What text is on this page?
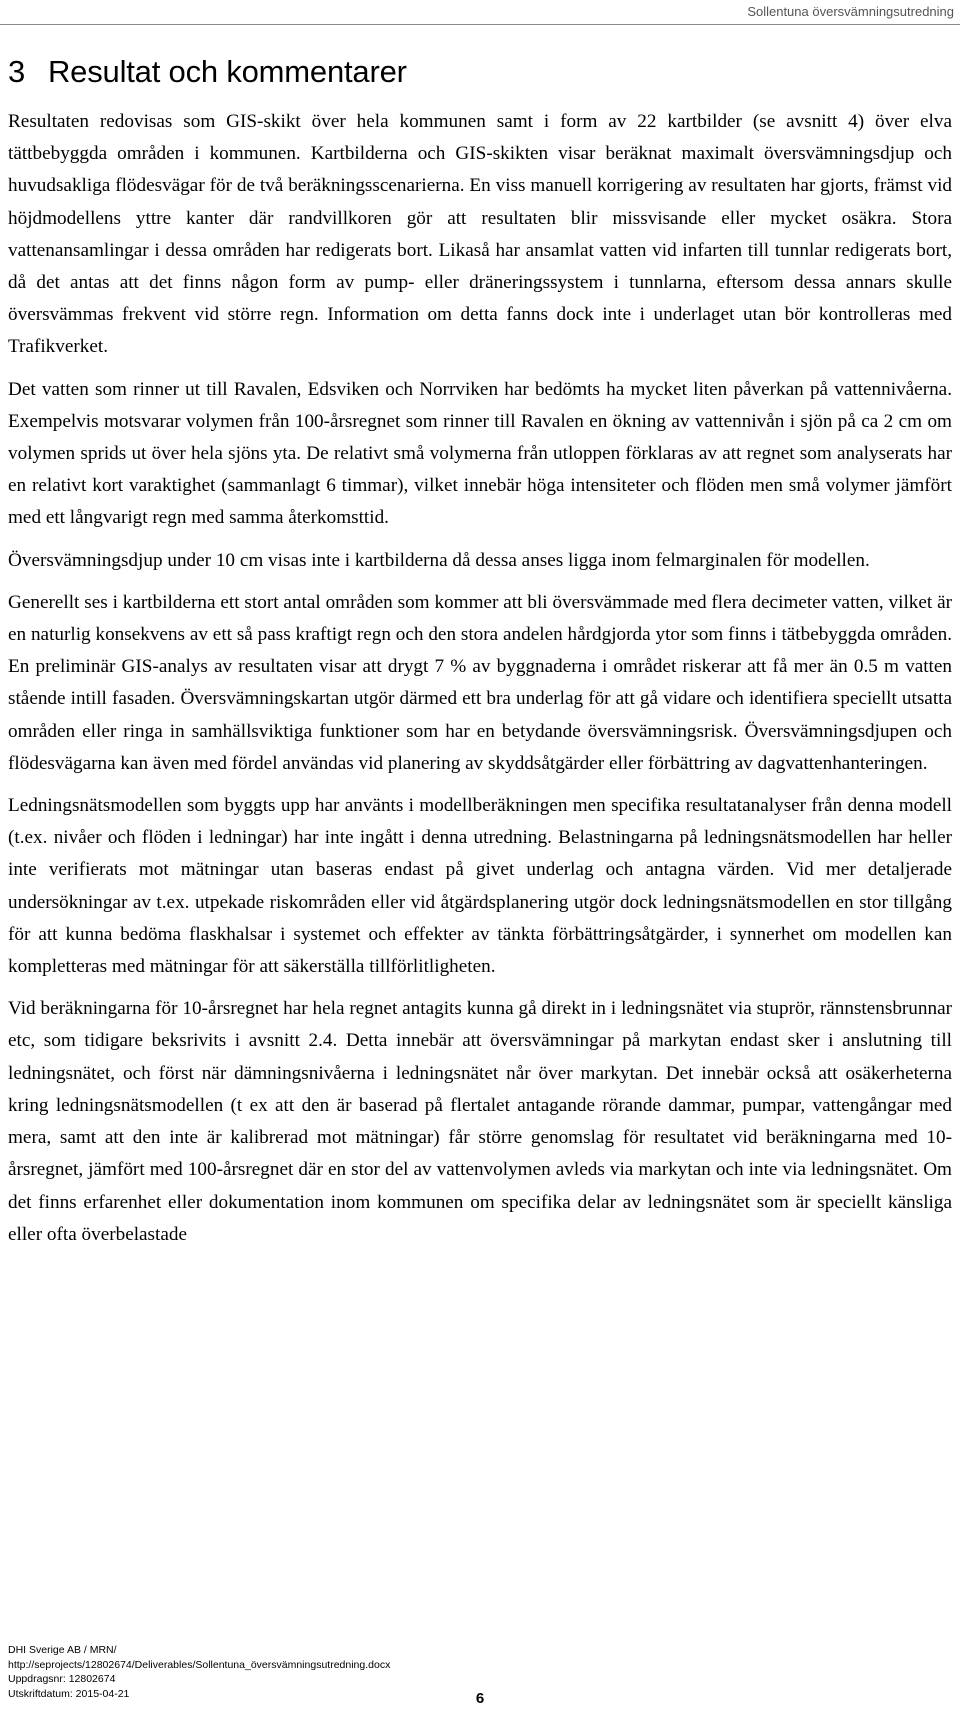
Sollentuna översvämningsutredning
3 Resultat och kommentarer

Resultaten redovisas som GIS-skikt över hela kommunen samt i form av 22 kartbilder (se avsnitt 4) över elva tättbebyggda områden i kommunen. Kartbilderna och GIS-skikten visar beräknat maximalt översvämningsdjup och huvudsakliga flödesvägar för de två beräkningsscenarierna. En viss manuell korrigering av resultaten har gjorts, främst vid höjdmodellens yttre kanter där randvillkoren gör att resultaten blir missvisande eller mycket osäkra. Stora vattenansamlingar i dessa områden har redigerats bort. Likaså har ansamlat vatten vid infarten till tunnlar redigerats bort, då det antas att det finns någon form av pump- eller dräneringssystem i tunnlarna, eftersom dessa annars skulle översvämmas frekvent vid större regn. Information om detta fanns dock inte i underlaget utan bör kontrolleras med Trafikverket.

Det vatten som rinner ut till Ravalen, Edsviken och Norrviken har bedömts ha mycket liten påverkan på vattennivåerna. Exempelvis motsvarar volymen från 100-årsregnet som rinner till Ravalen en ökning av vattennivån i sjön på ca 2 cm om volymen sprids ut över hela sjöns yta. De relativt små volymerna från utloppen förklaras av att regnet som analyserats har en relativt kort varaktighet (sammanlagt 6 timmar), vilket innebär höga intensiteter och flöden men små volymer jämfört med ett långvarigt regn med samma återkomsttid.

Översvämningsdjup under 10 cm visas inte i kartbilderna då dessa anses ligga inom felmarginalen för modellen.

Generellt ses i kartbilderna ett stort antal områden som kommer att bli översvämmade med flera decimeter vatten, vilket är en naturlig konsekvens av ett så pass kraftigt regn och den stora andelen hårdgjorda ytor som finns i tätbebyggda områden. En preliminär GIS-analys av resultaten visar att drygt 7 % av byggnaderna i området riskerar att få mer än 0.5 m vatten stående intill fasaden. Översvämningskartan utgör därmed ett bra underlag för att gå vidare och identifiera speciellt utsatta områden eller ringa in samhällsviktiga funktioner som har en betydande översvämningsrisk. Översvämningsdjupen och flödesvägarna kan även med fördel användas vid planering av skyddsåtgärder eller förbättring av dagvattenhanteringen.

Ledningsnätsmodellen som byggts upp har använts i modellberäkningen men specifika resultatanalyser från denna modell (t.ex. nivåer och flöden i ledningar) har inte ingått i denna utredning. Belastningarna på ledningsnätsmodellen har heller inte verifierats mot mätningar utan baseras endast på givet underlag och antagna värden. Vid mer detaljerade undersökningar av t.ex. utpekade riskområden eller vid åtgärdsplanering utgör dock ledningsnätsmodellen en stor tillgång för att kunna bedöma flaskhalsar i systemet och effekter av tänkta förbättringsåtgärder, i synnerhet om modellen kan kompletteras med mätningar för att säkerställa tillförlitligheten.

Vid beräkningarna för 10-årsregnet har hela regnet antagits kunna gå direkt in i ledningsnätet via stuprör, rännstensbrunnar etc, som tidigare beksrivits i avsnitt 2.4. Detta innebär att översvämningar på markytan endast sker i anslutning till ledningsnätet, och först när dämningsnivåerna i ledningsnätet når över markytan. Det innebär också att osäkerheterna kring ledningsnätsmodellen (t ex att den är baserad på flertalet antagande rörande dammar, pumpar, vattengångar med mera, samt att den inte är kalibrerad mot mätningar) får större genomslag för resultatet vid beräkningarna med 10-årsregnet, jämfört med 100-årsregnet där en stor del av vattenvolymen avleds via markytan och inte via ledningsnätet. Om det finns erfarenhet eller dokumentation inom kommunen om specifika delar av ledningsnätet som är speciellt känsliga eller ofta överbelastade

DHI Sverige AB / MRN/
http://seprojects/12802674/Deliverables/Sollentuna_översvämningsutredning.docx
Uppdragsnr: 12802674
Utskriftdatum: 2015-04-21	6
